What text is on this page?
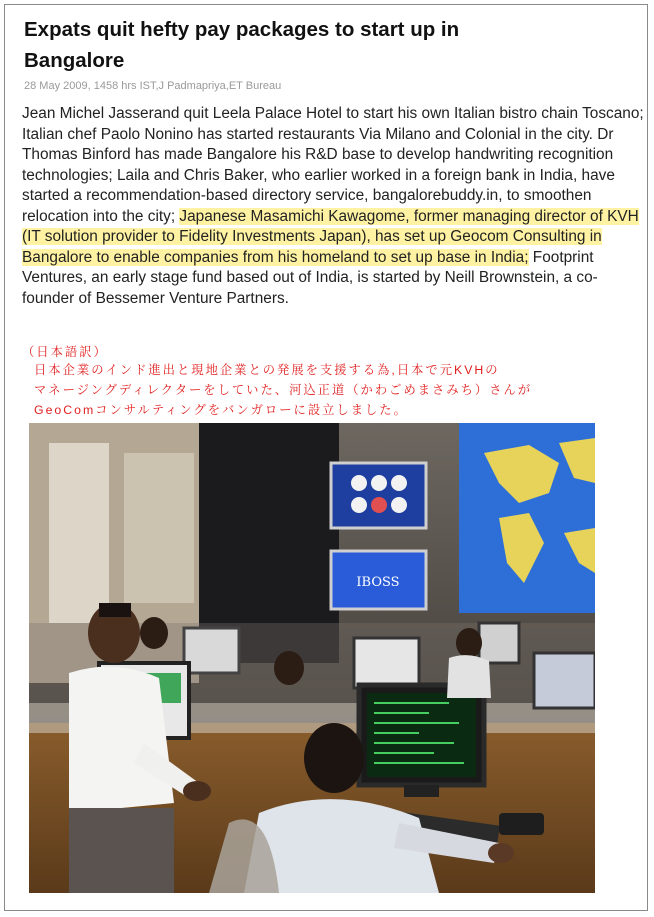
Expats quit hefty pay packages to start up in Bangalore
28 May 2009, 1458 hrs IST,J Padmapriya,ET Bureau
Jean Michel Jasserand quit Leela Palace Hotel to start his own Italian bistro chain Toscano; Italian chef Paolo Nonino has started restaurants Via Milano and Colonial in the city. Dr Thomas Binford has made Bangalore his R&D base to develop handwriting recognition technologies; Laila and Chris Baker, who earlier worked in a foreign bank in India, have started a recommendation-based directory service, bangalorebuddy.in, to smoothen relocation into the city; Japanese Masamichi Kawagome, former managing director of KVH (IT solution provider to Fidelity Investments Japan), has set up Geocom Consulting in Bangalore to enable companies from his homeland to set up base in India; Footprint Ventures, an early stage fund based out of India, is started by Neill Brownstein, a co-founder of Bessemer Venture Partners.
（日本語訳）
日本企業のインド進出と現地企業との発展を支援する為,日本で元KVHの
マネージングディレクターをしていた、河込正道（かわごめまさみち）さんが
GeoComコンサルティングをバンガローに設立しました。
IBOSS
